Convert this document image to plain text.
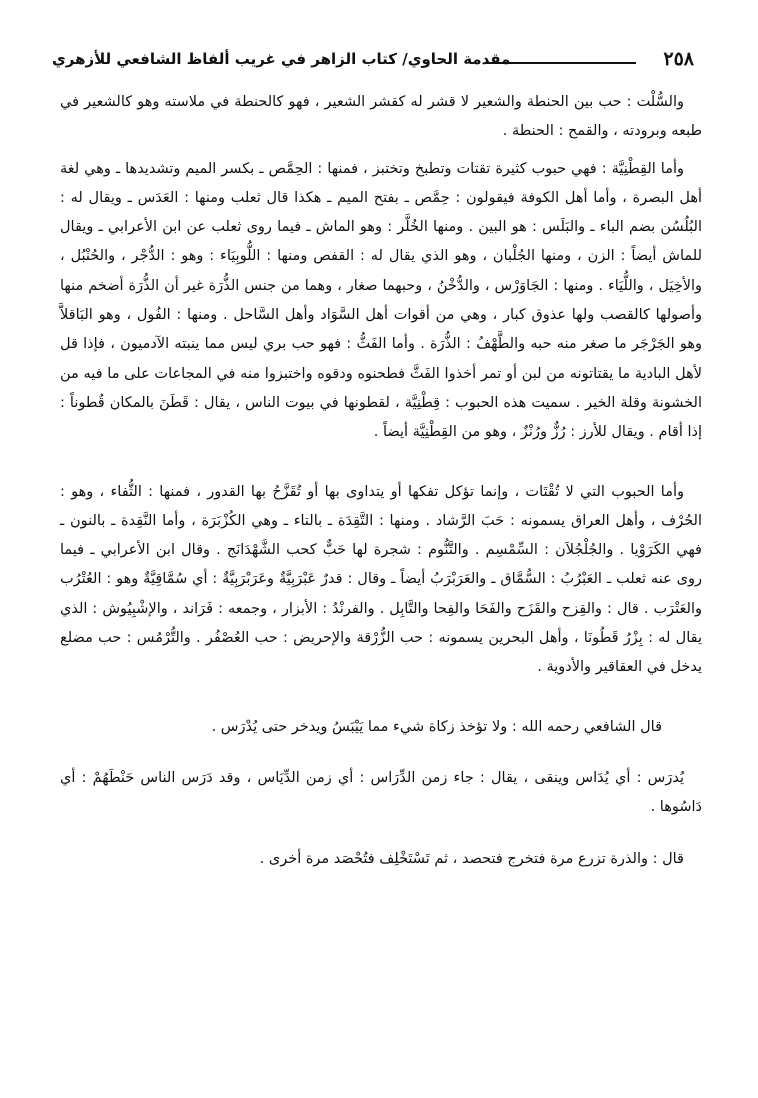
٢٥٨
مقدمة الحاوي/ كتاب الزاهر في غريب ألفاظ الشافعي للأزهري

والسُّلْت : حب بين الحنطة والشعير لا قشر له كقشر الشعير ، فهو كالحنطة في ملاسته وهو كالشعير في طبعه وبرودته ، والقمح : الحنطة .

وأما القِطْنِيَّة : فهي حبوب كثيرة تقتات وتطبخ وتختبز ، فمنها : الحِمَّص ـ بكسر الميم وتشديدها ـ وهي لغة أهل البصرة ، وأما أهل الكوفة فيقولون : حِمَّص ـ بفتح الميم ـ هكذا قال ثعلب ومنها : العَدَس ـ ويقال له : البُلُسُن بضم الباء ـ والبَلَس : هو البين . ومنها الخُلَّر : وهو الماش ـ فيما روى ثعلب عن ابن الأعرابي ـ ويقال للماش أيضاً : الزن ، ومنها الجُلْبان ، وهو الذي يقال له : القفص ومنها : اللُّوبِيَاء : وهو : الدُّجْر ، والحُنْبُل ، والأخِيَل ، واللُّيَاء . ومنها : الجَاوَرْس ، والدُّخْنُ ، وحبهما صغار ، وهما من جنس الذُّرَة غير أن الذُّرَة أضخم منها وأصولها كالقصب ولها عذوق كبار ، وهي من أقوات أهل السَّوَاد وأهل السَّاحل . ومنها : الفُول ، وهو البَاقلاَّ وهو الجَرْجَر ما صغر منه حبه والطَّهْفُ : الذُّرَة . وأما الفَثُّ : فهو حب بري ليس مما ينبته الآدميون ، فإذا قل لأهل البادية ما يقتاتونه من لبن أو تمر أخذوا الفَثَّ فطحنوه ودقوه واختبزوا منه في المجاعات على ما فيه من الخشونة وقلة الخير . سميت هذه الحبوب : قِطْنِيَّة ، لقطونها في بيوت الناس ، يقال : قَطَنَ بالمكان قُطوناً : إذا أقام . ويقال للأرز : رُزٌّ ورُنْزٌ ، وهو من القِطْنِيَّة أيضاً .

وأما الحبوب التي لا تُقْتَات ، وإنما تؤكل تفكها أو يتداوى بها أو تُقَزَّحُ بها القدور ، فمنها : الثُّفاء ، وهو : الحُرْف ، وأهل العراق يسمونه : حَبَ الرَّشاد . ومنها : التَّقِدَة ـ بالتاء ـ وهي الكُزْبَرَة ، وأما النَّقِدة ـ بالنون ـ فهي الكَرَوْيا . والجُلْجُلاَن : السِّمْسِم . والتَّنُّوم : شجرة لها حَبٌّ كحب الشَّهْدَانَج . وقال ابن الأعرابي ـ فيما روى عنه ثعلب ـ العَبْرُبُ : السُّمَّاق ـ والعَرَبْرَبُ أيضاً ـ وقال : قدرٌ عَبْرَبِيَّةٌ وعَرَبْرَبِيَّةٌ : أي سُمَّاقِيَّةٌ وهو : العُتْرُب والعَتْرَب . قال : والقِزح والقَزَح والفَحَا والفِحا والتَّابِل . والفرنْدُ : الأبزار ، وجمعه : فَرَاند ، والإشْبِيُوش : الذي يقال له : بِزْرُ قَطُونَا ، وأهل البحرين يسمونه : حب الزُّرْقة والإحريض : حب العُصْفُر . والتُّرْمُس : حب مضلع يدخل في العقاقير والأدوية .

قال الشافعي رحمه الله : ولا تؤخذ زكاة شيء مما يَيْبَسُ ويدخر حتى يُدْرَس .

يُدرَس : أي يُدَاس وينقى ، يقال : جاء زمن الدِّرَاس : أي زمن الدِّيَاس ، وقد دَرَس الناس حَنْطَهُمْ : أي دَاسُوها .

قال : والذرة تزرع مرة فتخرج فتحصد ، ثم تَسْتَخْلِف فتُحْصَد مرة أخرى .
